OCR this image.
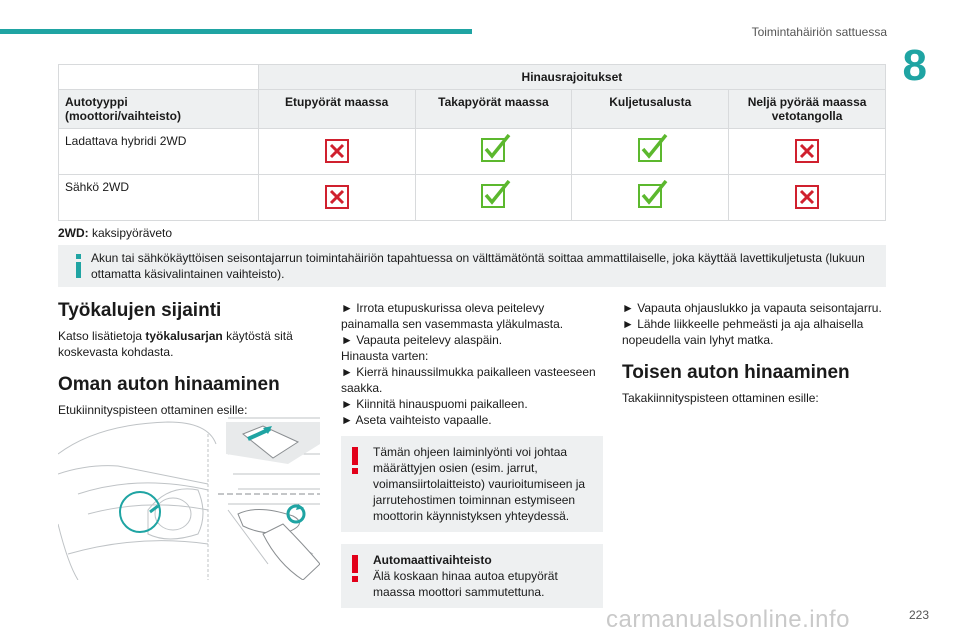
Toimintahäiriön sattuessa
8
	Hinausrajoitukset			
Autotyyppi
(moottori/vaihteisto)	Etupyörät maassa	Takapyörät maassa	Kuljetusalusta	Neljä pyörää maassa vetotangolla
Ladattava hybridi 2WD				
Sähkö 2WD				
2WD: kaksipyöräveto
Akun tai sähkökäyttöisen seisontajarrun toimintahäiriön tapahtuessa on välttämätöntä soittaa ammattilaiselle, joka käyttää lavettikuljetusta (lukuun ottamatta käsivalintainen vaihteisto).
Työkalujen sijainti
Katso lisätietoja työkalusarjan käytöstä sitä koskevasta kohdasta.
Oman auton hinaaminen
Etukiinnityspisteen ottaminen esille:
► Irrota etupuskurissa oleva peitelevy painamalla sen vasemmasta yläkulmasta.
► Vapauta peitelevy alaspäin.
Hinausta varten:
► Kierrä hinaussilmukka paikalleen vasteeseen saakka.
► Kiinnitä hinauspuomi paikalleen.
► Aseta vaihteisto vapaalle.
Tämän ohjeen laiminlyönti voi johtaa määrättyjen osien (esim. jarrut, voimansiirtolaitteisto) vaurioitumiseen ja jarrutehostimen toiminnan estymiseen moottorin käynnistyksen yhteydessä.
Automaattivaihteisto
Älä koskaan hinaa autoa etupyörät maassa moottori sammutettuna.
► Vapauta ohjauslukko ja vapauta seisontajarru.
► Lähde liikkeelle pehmeästi ja aja alhaisella nopeudella vain lyhyt matka.
Toisen auton hinaaminen
Takakiinnityspisteen ottaminen esille:
carmanualsonline.info	223
